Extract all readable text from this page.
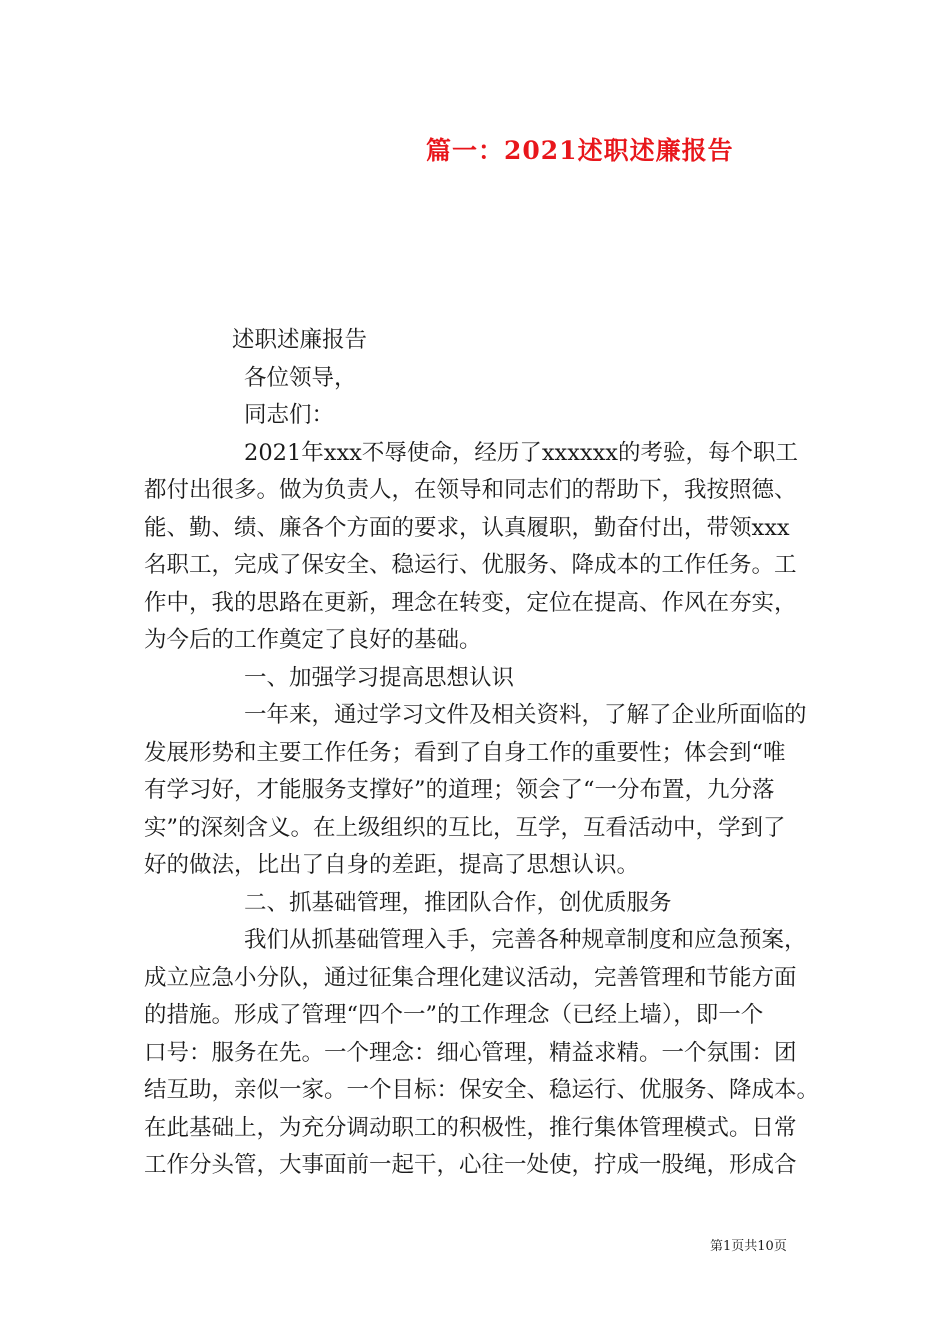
篇一：2021述职述廉报告
述职述廉报告
各位领导，
同志们：
2021年xxx不辱使命，经历了xxxxxx的考验，每个职工
都付出很多。做为负责人，在领导和同志们的帮助下，我按照德、
能、勤、绩、廉各个方面的要求，认真履职，勤奋付出，带领xxx
名职工，完成了保安全、稳运行、优服务、降成本的工作任务。工
作中，我的思路在更新，理念在转变，定位在提高、作风在夯实，
为今后的工作奠定了良好的基础。
一、加强学习提高思想认识
一年来，通过学习文件及相关资料，了解了企业所面临的
发展形势和主要工作任务；看到了自身工作的重要性；体会到“唯
有学习好，才能服务支撑好”的道理；领会了“一分布置，九分落
实”的深刻含义。在上级组织的互比，互学，互看活动中，学到了
好的做法，比出了自身的差距，提高了思想认识。
二、抓基础管理，推团队合作，创优质服务
我们从抓基础管理入手，完善各种规章制度和应急预案，
成立应急小分队，通过征集合理化建议活动，完善管理和节能方面
的措施。形成了管理“四个一”的工作理念（已经上墙），即一个
口号：服务在先。一个理念：细心管理，精益求精。一个氛围：团
结互助，亲似一家。一个目标：保安全、稳运行、优服务、降成本。
在此基础上，为充分调动职工的积极性，推行集体管理模式。日常
工作分头管，大事面前一起干，心往一处使，拧成一股绳，形成合
第1页共10页
